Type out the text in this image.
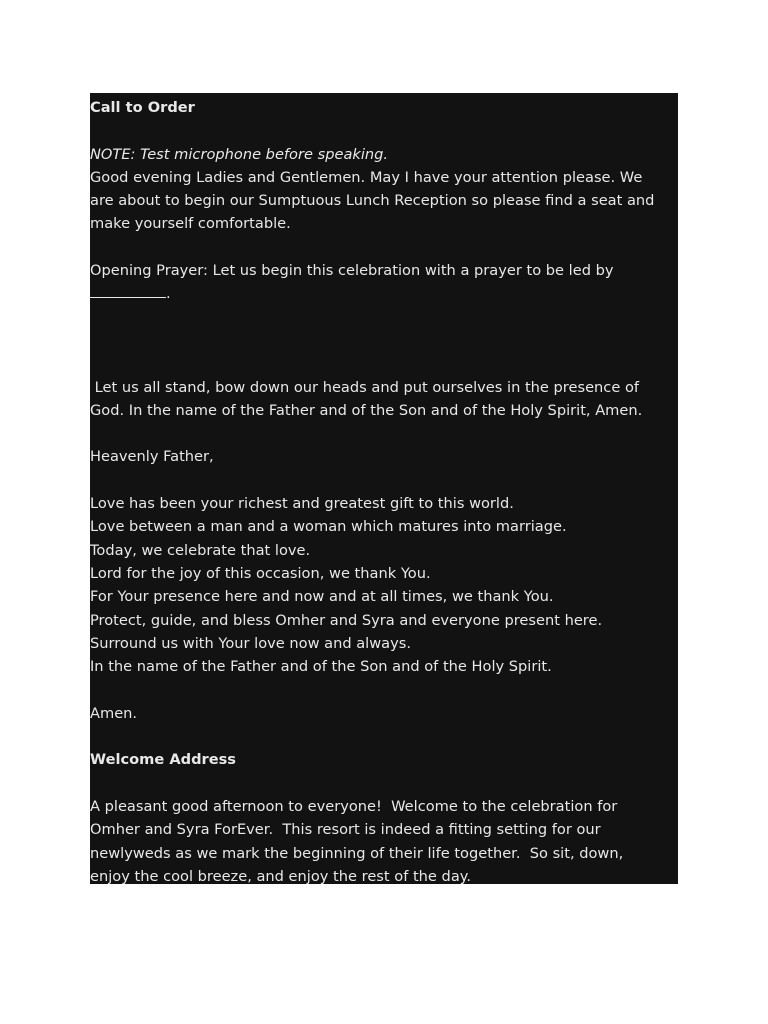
Call to Order
NOTE: Test microphone before speaking.
Good evening Ladies and Gentlemen. May I have your attention please. We
are about to begin our Sumptuous Lunch Reception so please find a seat and
make yourself comfortable.
Opening Prayer: Let us begin this celebration with a prayer to be led by
.
Let us all stand, bow down our heads and put ourselves in the presence of
God. In the name of the Father and of the Son and of the Holy Spirit, Amen.
Heavenly Father,
Love has been your richest and greatest gift to this world.
Love between a man and a woman which matures into marriage.
Today, we celebrate that love.
Lord for the joy of this occasion, we thank You.
For Your presence here and now and at all times, we thank You.
Protect, guide, and bless Omher and Syra and everyone present here.
Surround us with Your love now and always.
In the name of the Father and of the Son and of the Holy Spirit.
Amen.
Welcome Address
A pleasant good afternoon to everyone!  Welcome to the celebration for
Omher and Syra ForEver.  This resort is indeed a fitting setting for our
newlyweds as we mark the beginning of their life together.  So sit, down,
enjoy the cool breeze, and enjoy the rest of the day.
